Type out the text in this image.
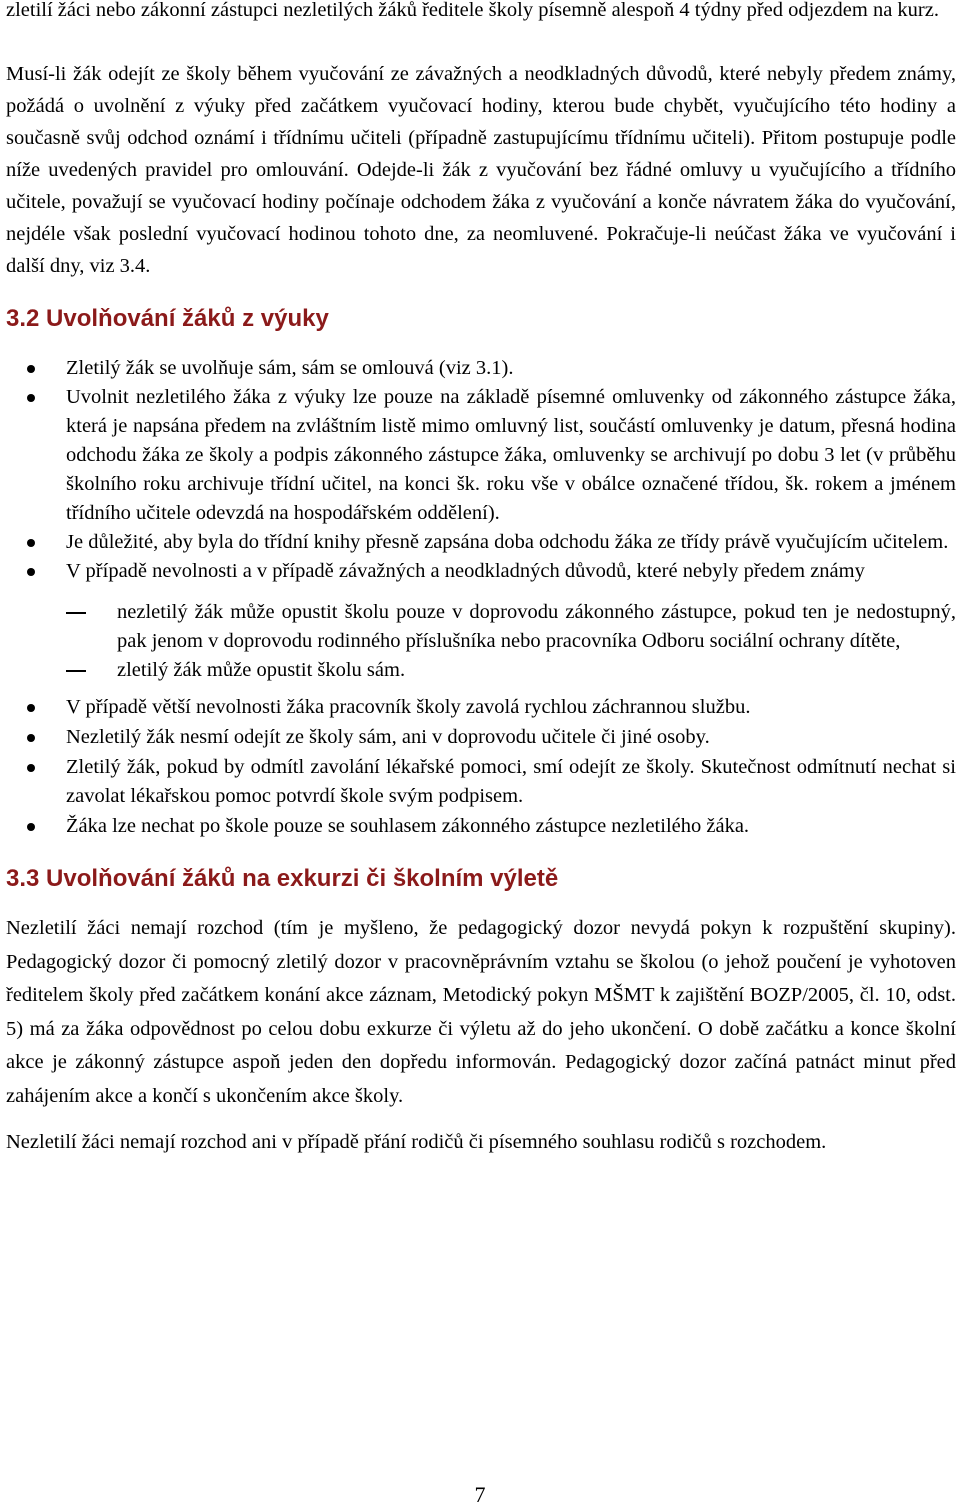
zletilí žáci nebo zákonní zástupci nezletilých žáků ředitele školy písemně alespoň 4 týdny před odjezdem na kurz.

Musí-li žák odejít ze školy během vyučování ze závažných a neodkladných důvodů, které nebyly předem známy, požádá o uvolnění z výuky před začátkem vyučovací hodiny, kterou bude chybět, vyučujícího této hodiny a současně svůj odchod oznámí i třídnímu učiteli (případně zastupujícímu třídnímu učiteli). Přitom postupuje podle níže uvedených pravidel pro omlouvání. Odejde-li žák z vyučování bez řádné omluvy u vyučujícího a třídního učitele, považují se vyučovací hodiny počínaje odchodem žáka z vyučování a konče návratem žáka do vyučování, nejdéle však poslední vyučovací hodinou tohoto dne, za neomluvené. Pokračuje-li neúčast žáka ve vyučování i další dny, viz 3.4.

3.2 Uvolňování žáků z výuky
Zletilý žák se uvolňuje sám, sám se omlouvá (viz 3.1).
Uvolnit nezletilého žáka z výuky lze pouze na základě písemné omluvenky od zákonného zástupce žáka, která je napsána předem na zvláštním listě mimo omluvný list, součástí omluvenky je datum, přesná hodina odchodu žáka ze školy a podpis zákonného zástupce žáka, omluvenky se archivují po dobu 3 let (v průběhu školního roku archivuje třídní učitel, na konci šk. roku vše v obálce označené třídou, šk. rokem a jménem třídního učitele odevzdá na hospodářském oddělení).
Je důležité, aby byla do třídní knihy přesně zapsána doba odchodu žáka ze třídy právě vyučujícím učitelem.
V případě nevolnosti a v případě závažných a neodkladných důvodů, které nebyly předem známy
nezletilý žák může opustit školu pouze v doprovodu zákonného zástupce, pokud ten je nedostupný, pak jenom v doprovodu rodinného příslušníka nebo pracovníka Odboru sociální ochrany dítěte,
zletilý žák může opustit školu sám.
V případě větší nevolnosti žáka pracovník školy zavolá rychlou záchrannou službu.
Nezletilý žák nesmí odejít ze školy sám, ani v doprovodu učitele či jiné osoby.
Zletilý žák, pokud by odmítl zavolání lékařské pomoci, smí odejít ze školy. Skutečnost odmítnutí nechat si zavolat lékařskou pomoc potvrdí škole svým podpisem.
Žáka lze nechat po škole pouze se souhlasem zákonného zástupce nezletilého žáka.
3.3 Uvolňování žáků na exkurzi či školním výletě

Nezletilí žáci nemají rozchod (tím je myšleno, že pedagogický dozor nevydá pokyn k rozpuštění skupiny). Pedagogický dozor či pomocný zletilý dozor v pracovněprávním vztahu se školou (o jehož poučení je vyhotoven ředitelem školy před začátkem konání akce záznam, Metodický pokyn MŠMT k zajištění BOZP/2005, čl. 10, odst. 5) má za žáka odpovědnost po celou dobu exkurze či výletu až do jeho ukončení. O době začátku a konce školní akce je zákonný zástupce aspoň jeden den dopředu informován. Pedagogický dozor začíná patnáct minut před zahájením akce a končí s ukončením akce školy.

Nezletilí žáci nemají rozchod ani v případě přání rodičů či písemného souhlasu rodičů s rozchodem.

7
